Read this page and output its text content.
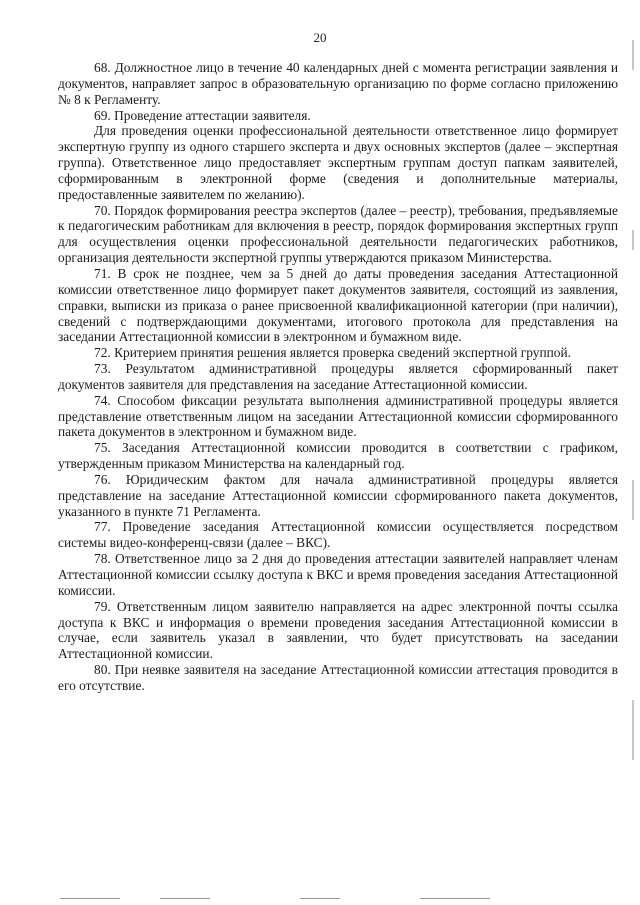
20

68. Должностное лицо в течение 40 календарных дней с момента регистрации заявления и документов, направляет запрос в образовательную организацию по форме согласно приложению № 8 к Регламенту.

69. Проведение аттестации заявителя.

Для проведения оценки профессиональной деятельности ответственное лицо формирует экспертную группу из одного старшего эксперта и двух основных экспертов (далее – экспертная группа). Ответственное лицо предоставляет экспертным группам доступ папкам заявителей, сформированным в электронной форме (сведения и дополнительные материалы, предоставленные заявителем по желанию).

70. Порядок формирования реестра экспертов (далее – реестр), требования, предъявляемые к педагогическим работникам для включения в реестр, порядок формирования экспертных групп для осуществления оценки профессиональной деятельности педагогических работников, организация деятельности экспертной группы утверждаются приказом Министерства.

71. В срок не позднее, чем за 5 дней до даты проведения заседания Аттестационной комиссии ответственное лицо формирует пакет документов заявителя, состоящий из заявления, справки, выписки из приказа о ранее присвоенной квалификационной категории (при наличии), сведений с подтверждающими документами, итогового протокола для представления на заседании Аттестационной комиссии в электронном и бумажном виде.

72. Критерием принятия решения является проверка сведений экспертной группой.

73. Результатом административной процедуры является сформированный пакет документов заявителя для представления на заседание Аттестационной комиссии.

74. Способом фиксации результата выполнения административной процедуры является представление ответственным лицом на заседании Аттестационной комиссии сформированного пакета документов в электронном и бумажном виде.

75. Заседания Аттестационной комиссии проводится в соответствии с графиком, утвержденным приказом Министерства на календарный год.

76. Юридическим фактом для начала административной процедуры является представление на заседание Аттестационной комиссии сформированного пакета документов, указанного в пункте 71 Регламента.

77. Проведение заседания Аттестационной комиссии осуществляется посредством системы видео-конференц-связи (далее – ВКС).

78. Ответственное лицо за 2 дня до проведения аттестации заявителей направляет членам Аттестационной комиссии ссылку доступа к ВКС и время проведения заседания Аттестационной комиссии.

79. Ответственным лицом заявителю направляется на адрес электронной почты ссылка доступа к ВКС и информация о времени проведения заседания Аттестационной комиссии в случае, если заявитель указал в заявлении, что будет присутствовать на заседании Аттестационной комиссии.

80. При неявке заявителя на заседание Аттестационной комиссии аттестация проводится в его отсутствие.
